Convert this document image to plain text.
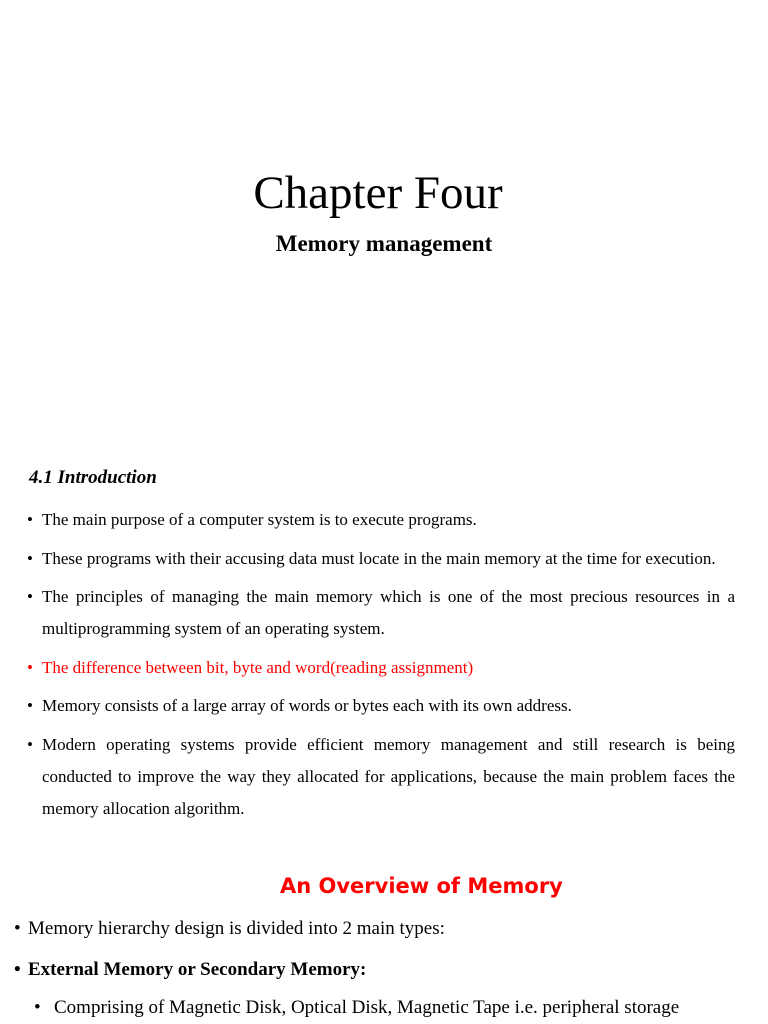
Chapter Four
Memory management
4.1 Introduction
• The main purpose of a computer system is to execute programs.
• These programs with their accusing data must locate in the main memory at the time for execution.
• The principles of managing the main memory which is one of the most precious resources in a multiprogramming system of an operating system.
• The difference between bit, byte and word(reading assignment)
• Memory consists of a large array of words or bytes each with its own address.
• Modern operating systems provide efficient memory management and still research is being conducted to improve the way they allocated for applications, because the main problem faces the memory allocation algorithm.
An Overview of Memory
• Memory hierarchy design is divided into 2 main types:
• External Memory or Secondary Memory:
• Comprising of Magnetic Disk, Optical Disk, Magnetic Tape i.e. peripheral storage
